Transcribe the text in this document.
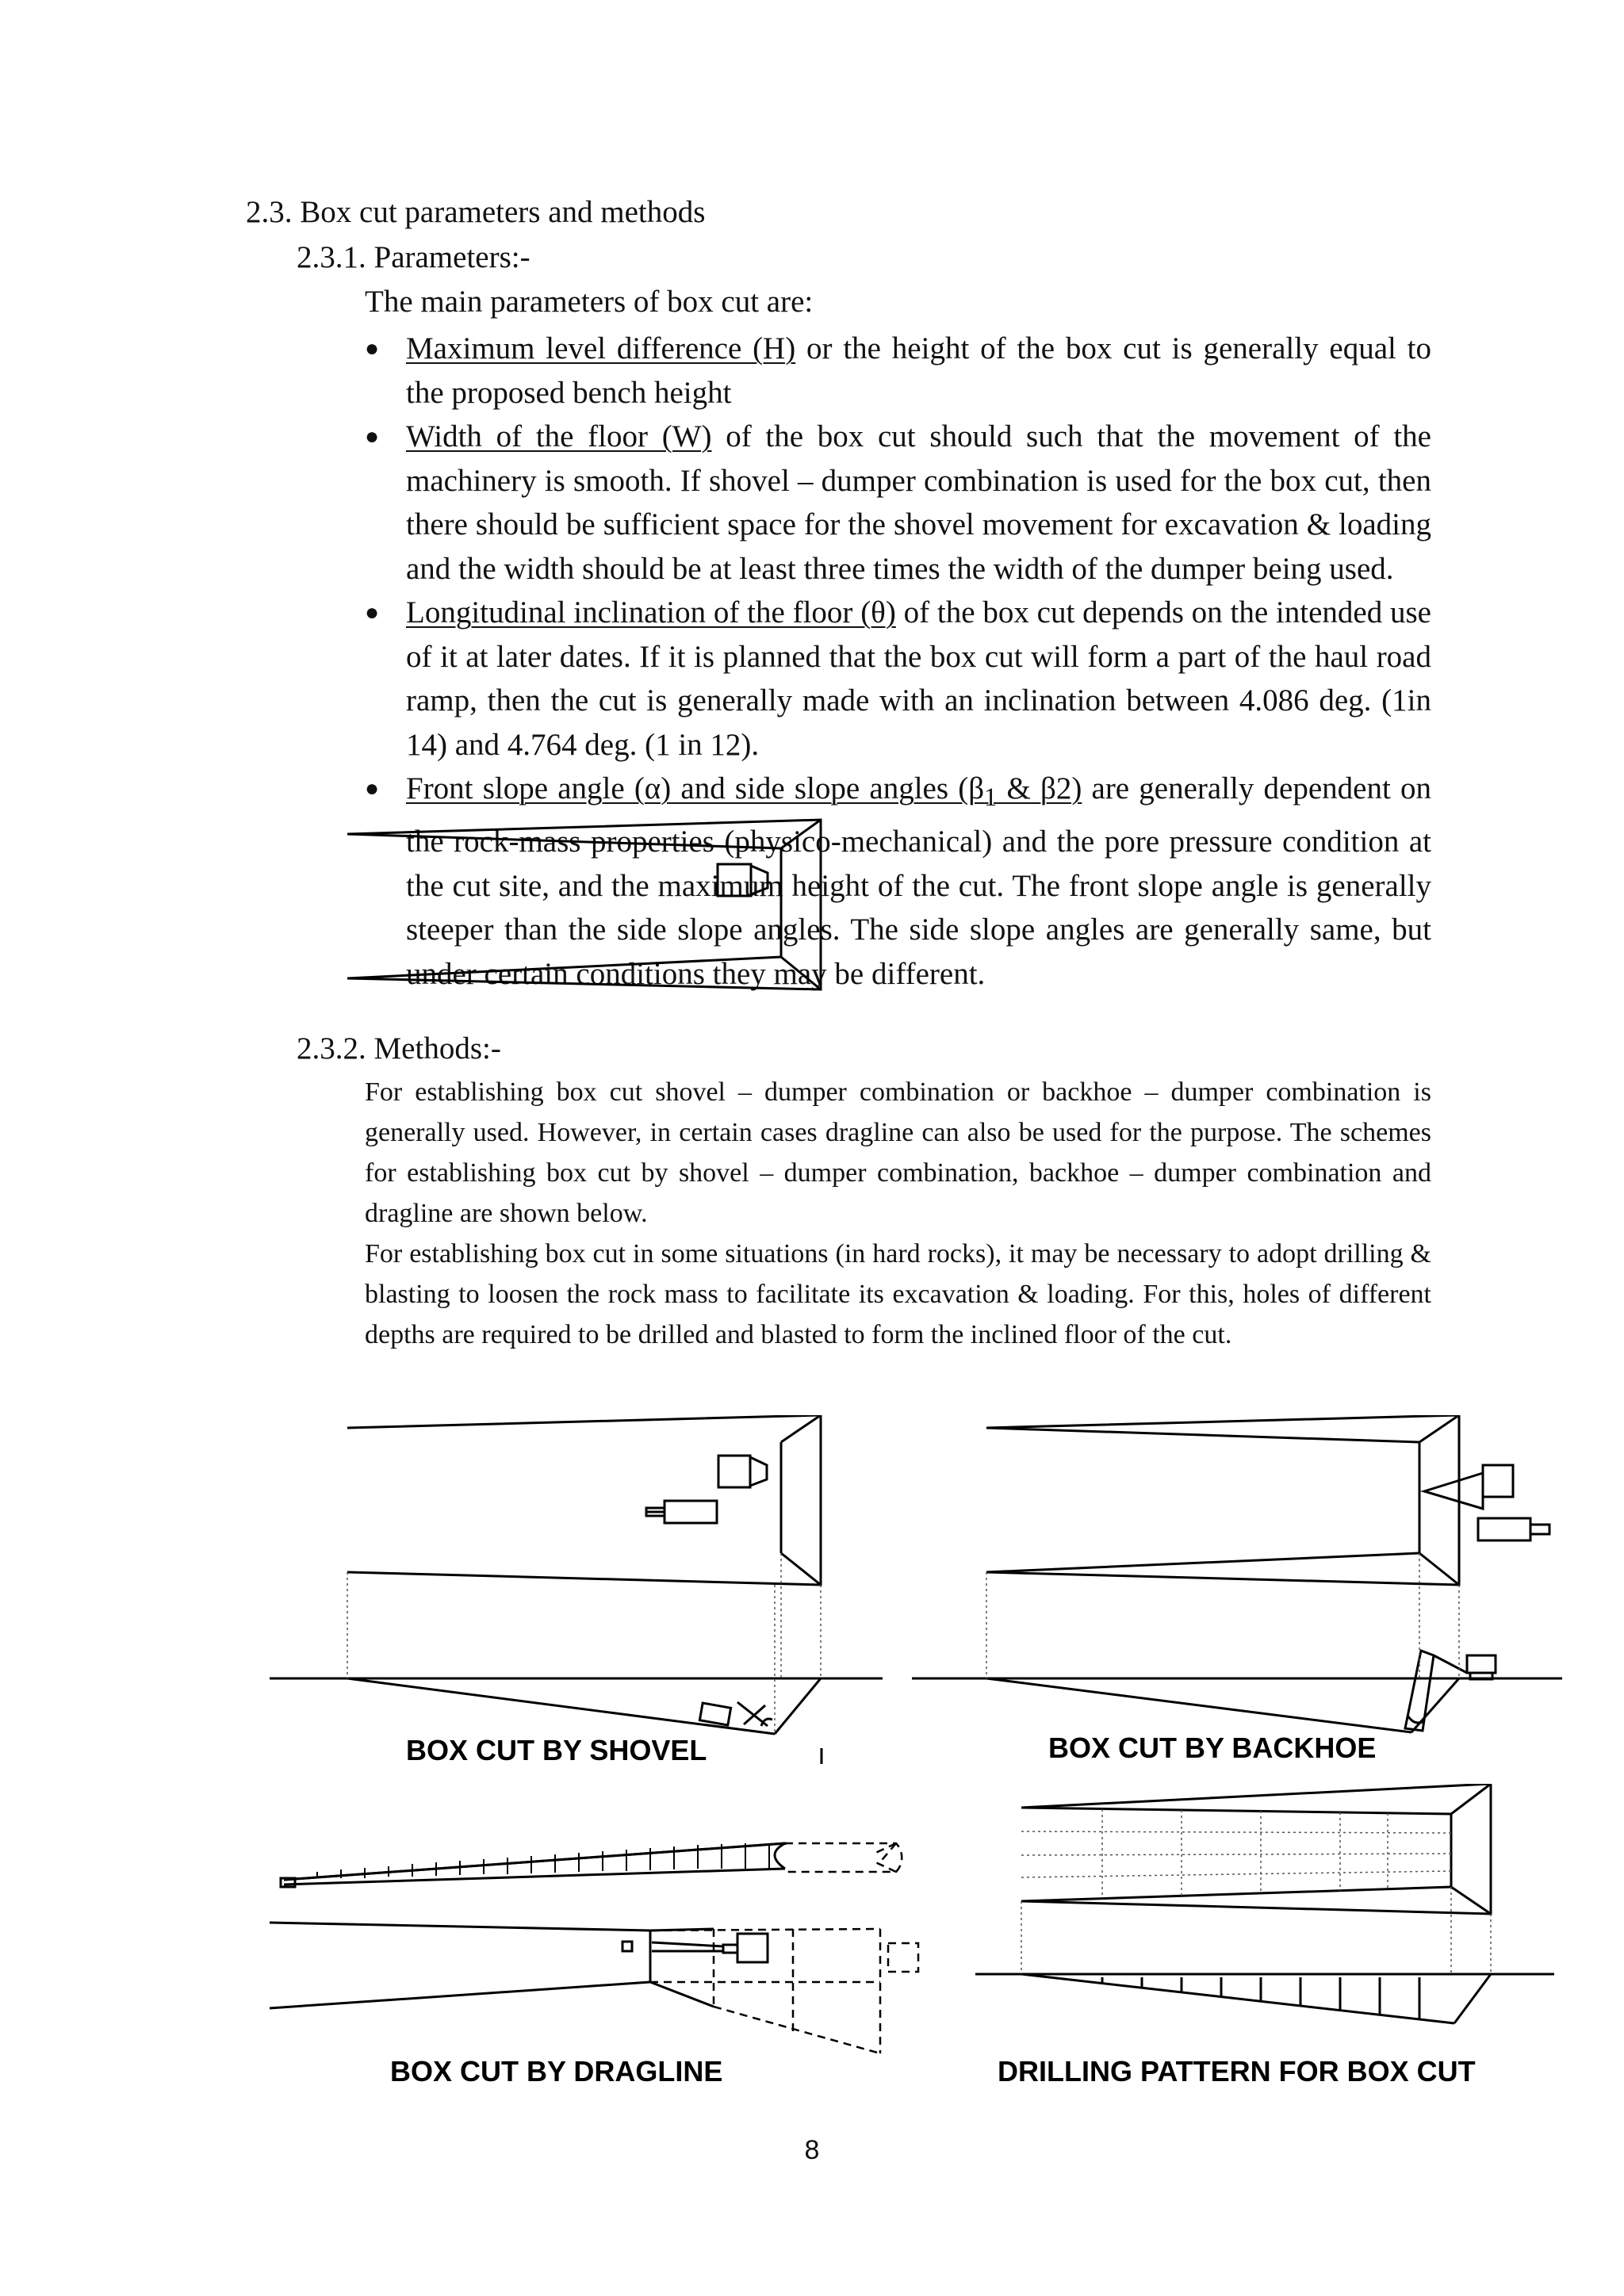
2.3. Box cut parameters and methods
2.3.1. Parameters:-
The main parameters of box cut are:
● Maximum level difference (H) or the height of the box cut is generally equal to the proposed bench height
● Width of the floor (W) of the box cut should such that the movement of the machinery is smooth. If shovel – dumper combination is used for the box cut, then there should be sufficient space for the shovel movement for excavation & loading and the width should be at least three times the width of the dumper being used.
● Longitudinal inclination of the floor (θ) of the box cut depends on the intended use of it at later dates. If it is planned that the box cut will form a part of the haul road ramp, then the cut is generally made with an inclination between 4.086 deg. (1in 14) and 4.764 deg. (1 in 12).
● Front slope angle (α) and side slope angles ($\beta_1$ & β2) are generally dependent on the rock-mass properties (physico-mechanical) and the pore pressure condition at the cut site, and the maximum height of the cut. The front slope angle is generally steeper than the side slope angles. The side slope angles are generally same, but under certain conditions they may be different.
2.3.2. Methods:-

For establishing box cut shovel – dumper combination or backhoe – dumper combination is generally used. However, in certain cases dragline can also be used for the purpose. The schemes for establishing box cut by shovel – dumper combination, backhoe – dumper combination and dragline are shown below.

For establishing box cut in some situations (in hard rocks), it may be necessary to adopt drilling & blasting to loosen the rock mass to facilitate its excavation & loading. For this, holes of different depths are required to be drilled and blasted to form the inclined floor of the cut.

BOX CUT BY SHOVEL	BOX CUT BY BACKHOE
BOX CUT BY DRAGLINE	DRILLING PATTERN FOR BOX CUT
8
